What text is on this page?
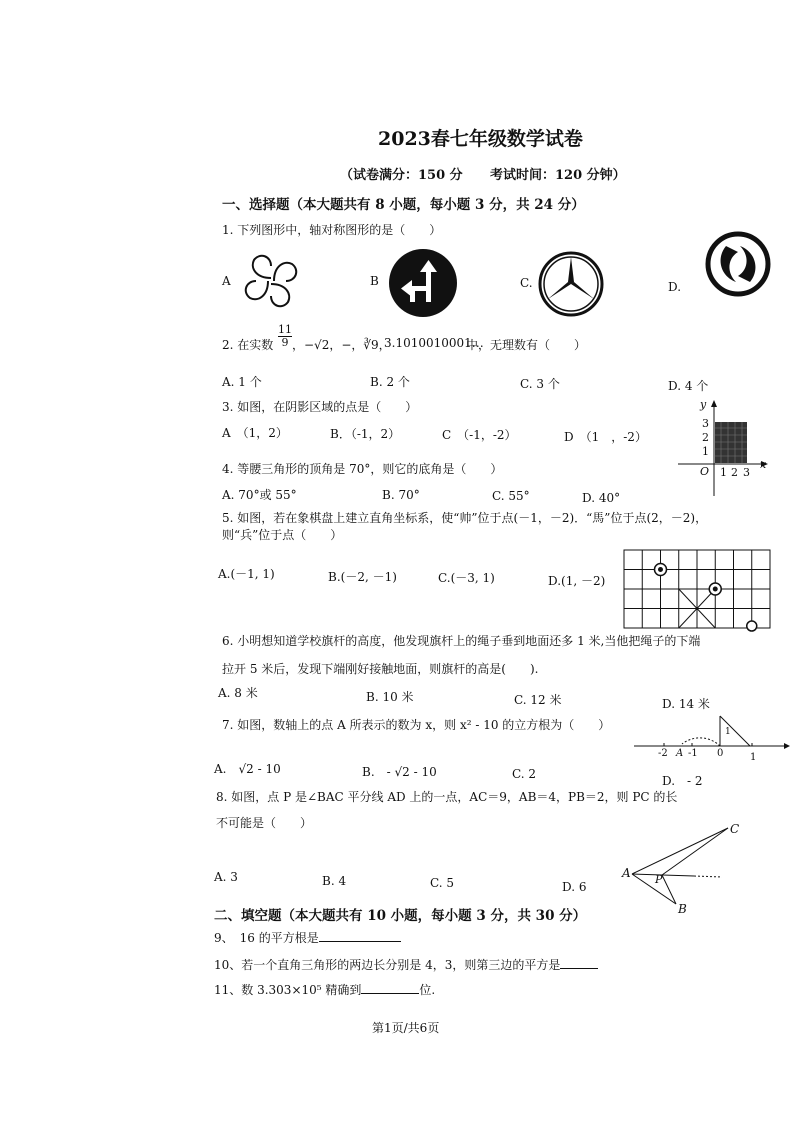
2023春七年级数学试卷
（试卷满分：150 分 考试时间：120 分钟）
一、选择题（本大题共有 8 小题，每小题 3 分，共 24 分）
1. 下列图形中，轴对称图形的是（　　）
A	B	C.	D.
2. 在实数 $\frac{11}{9}$ ，−√2，−，∛9，
3.1010010001…
中，无理数有（　　）
A. 1 个	B. 2 个	C. 3 个	D. 4 个
3. 如图，在阴影区域的点是（　　）
A　（1，2）	B．（-1，2）	C　（-1，-2）	D　（1　，-2）
y
x
O
3
2
1
1 2 3
4. 等腰三角形的顶角是 70°，则它的底角是（　　）
A. 70°或 55°	B. 70°	C. 55°	D. 40°
5. 如图，若在象棋盘上建立直角坐标系，使“帅”位于点(－1，－2)．“馬”位于点(2，－2)，
则“兵”位于点（　　）
A.(－1, 1)	B.(－2, －1)	C.(－3, 1)	D.(1, －2)
6. 小明想知道学校旗杆的高度，他发现旗杆上的绳子垂到地面还多 1 米,当他把绳子的下端
拉开 5 米后，发现下端刚好接触地面，则旗杆的高是(　　).
A. 8 米	B. 10 米	C. 12 米	D. 14 米
7. 如图，数轴上的点 A 所表示的数为 x，则 x² - 10 的立方根为（　　）
-2 A -1 0	1
1
A.　√2 - 10	B.　- √2 - 10	C. 2	D.　- 2
8. 如图，点 P 是∠BAC 平分线 AD 上的一点，AC＝9，AB＝4，PB＝2，则 PC 的长
不可能是（　　）
A P
B
C
A. 3	B. 4	C. 5	D. 6
二、填空题（本大题共有 10 小题，每小题 3 分，共 30 分）
9、　16 的平方根是
10、若一个直角三角形的两边长分别是 4，3，则第三边的平方是
11、数 3.303×10⁵ 精确到	位.
第1页/共6页
